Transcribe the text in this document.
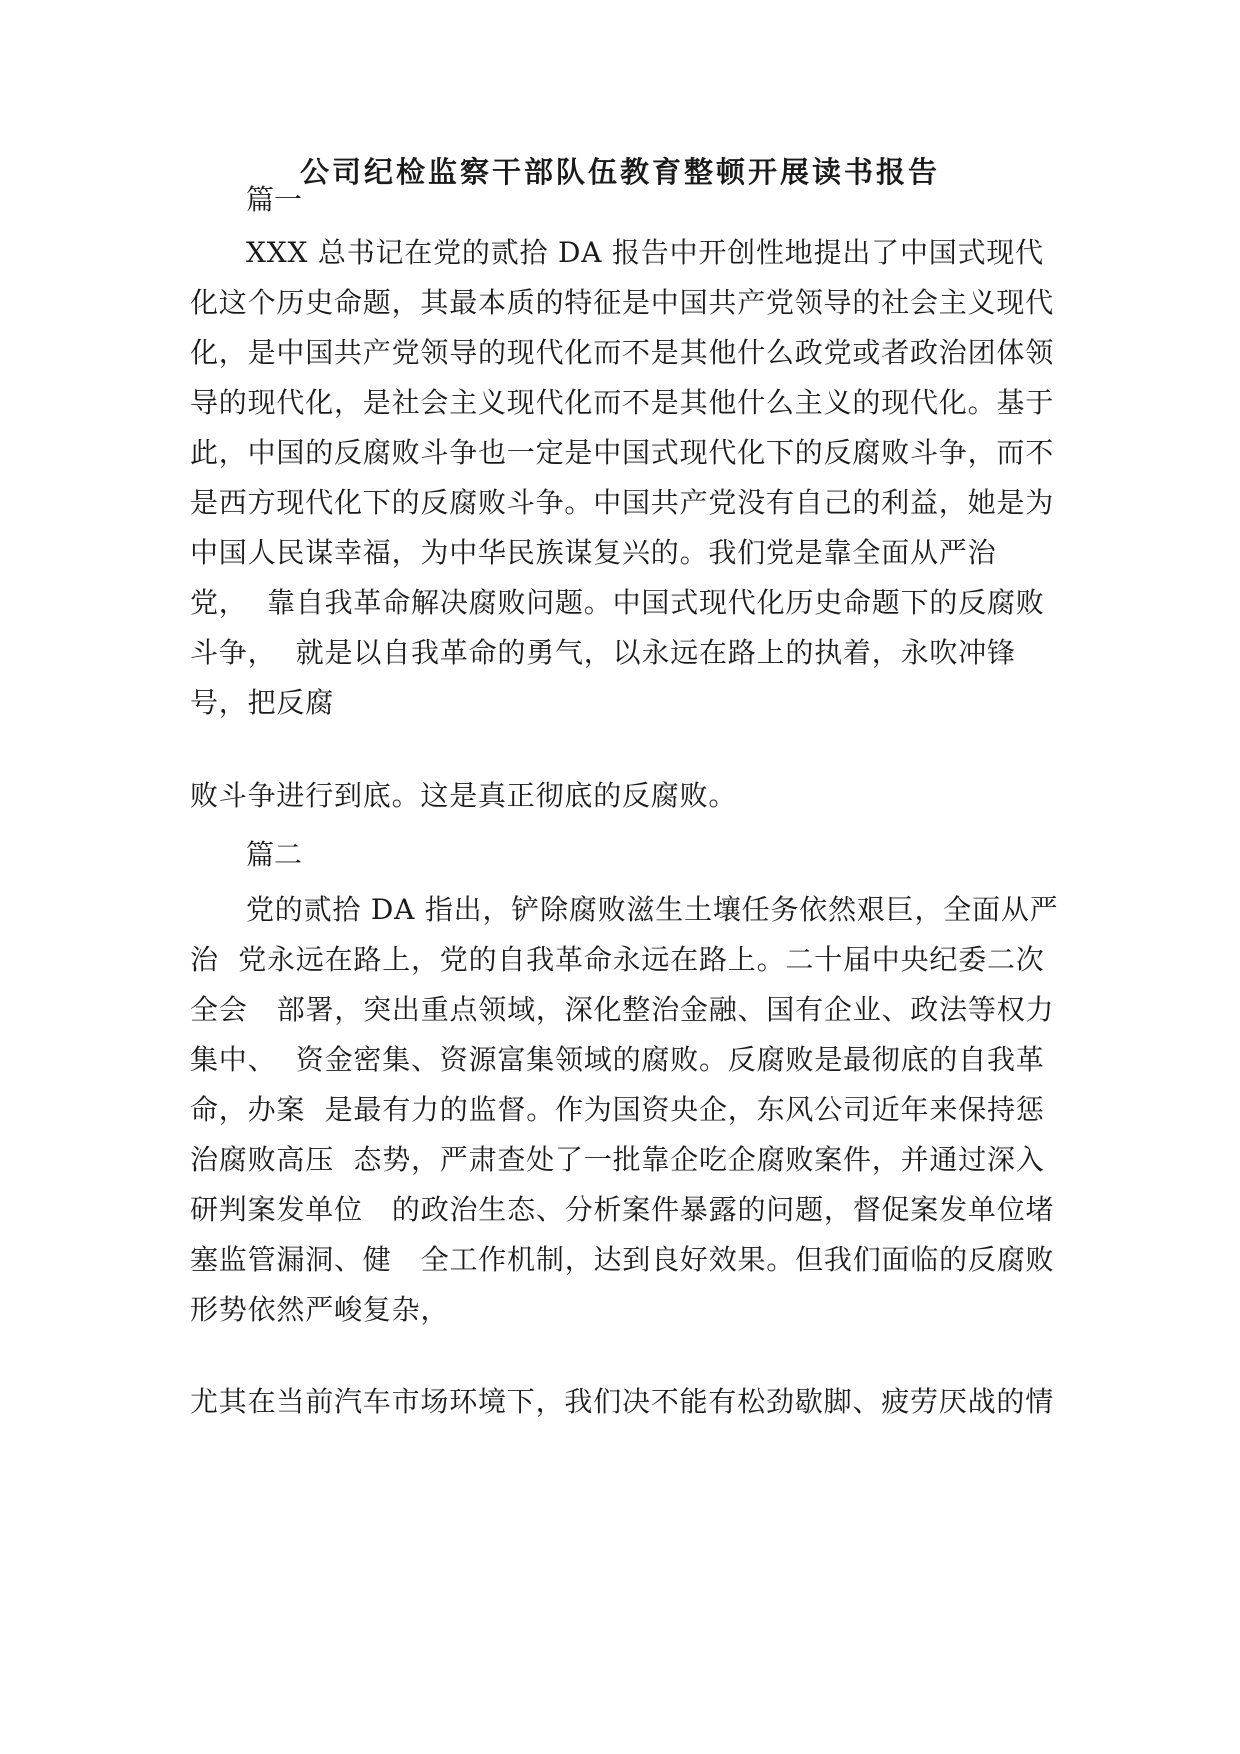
公司纪检监察干部队伍教育整顿开展读书报告
篇一
XXX 总书记在党的贰拾 DA 报告中开创性地提出了中国式现代
化这个历史命题，其最本质的特征是中国共产党领导的社会主义现代
化，是中国共产党领导的现代化而不是其他什么政党或者政治团体领
导的现代化，是社会主义现代化而不是其他什么主义的现代化。基于
此，中国的反腐败斗争也一定是中国式现代化下的反腐败斗争，而不
是西方现代化下的反腐败斗争。中国共产党没有自己的利益，她是为
中国人民谋幸福，为中华民族谋复兴的。我们党是靠全面从严治
党，  靠自我革命解决腐败问题。中国式现代化历史命题下的反腐败
斗争，  就是以自我革命的勇气，以永远在路上的执着，永吹冲锋
号，把反腐
败斗争进行到底。这是真正彻底的反腐败。
篇二
党的贰拾 DA 指出，铲除腐败滋生土壤任务依然艰巨，全面从严
治  党永远在路上，党的自我革命永远在路上。二十届中央纪委二次
全会   部署，突出重点领域，深化整治金融、国有企业、政法等权力
集中、  资金密集、资源富集领域的腐败。反腐败是最彻底的自我革
命，办案  是最有力的监督。作为国资央企，东风公司近年来保持惩
治腐败高压  态势，严肃查处了一批靠企吃企腐败案件，并通过深入
研判案发单位   的政治生态、分析案件暴露的问题，督促案发单位堵
塞监管漏洞、健   全工作机制，达到良好效果。但我们面临的反腐败
形势依然严峻复杂，
尤其在当前汽车市场环境下，我们决不能有松劲歇脚、疲劳厌战的情
